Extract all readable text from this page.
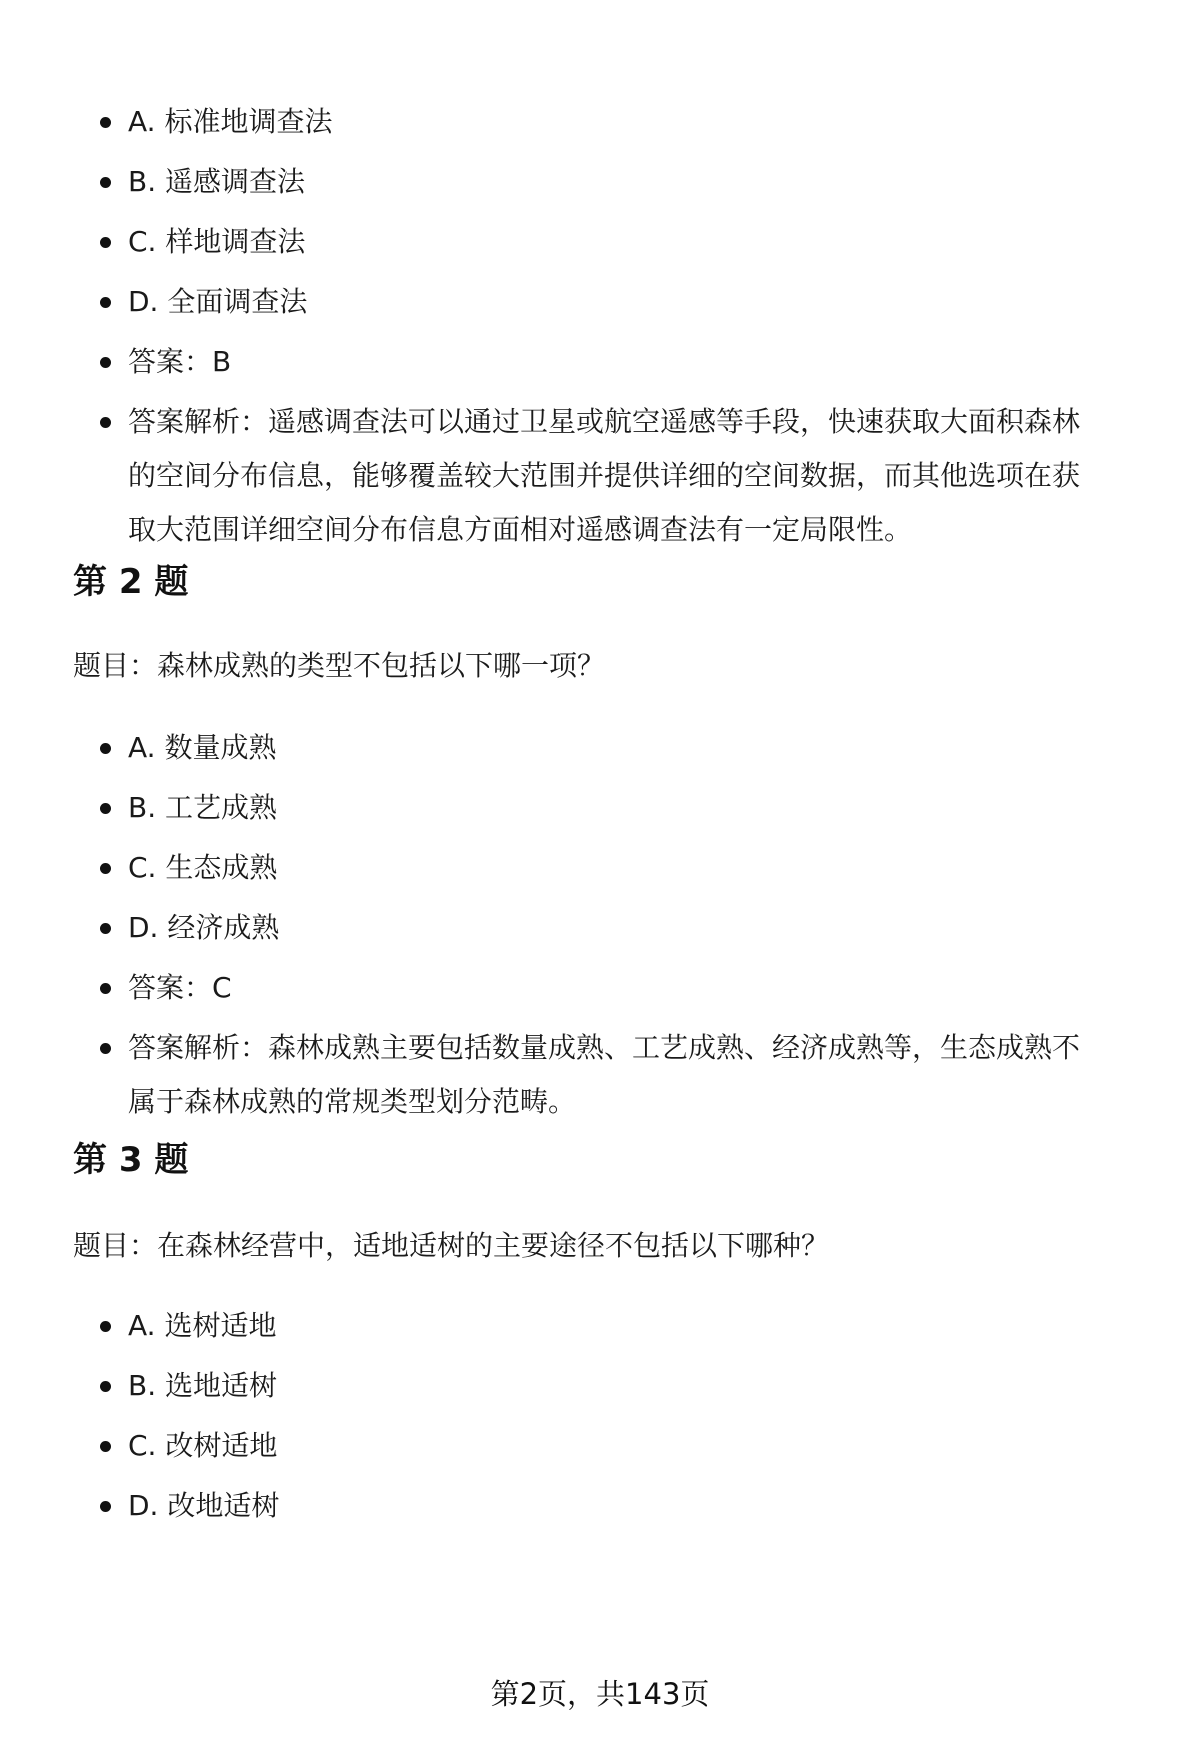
A. 标准地调查法
B. 遥感调查法
C. 样地调查法
D. 全面调查法
答案：B
答案解析：遥感调查法可以通过卫星或航空遥感等手段，快速获取大面积森林
的空间分布信息，能够覆盖较大范围并提供详细的空间数据，而其他选项在获
取大范围详细空间分布信息方面相对遥感调查法有一定局限性。
第 2 题
题目：森林成熟的类型不包括以下哪一项？
A. 数量成熟
B. 工艺成熟
C. 生态成熟
D. 经济成熟
答案：C
答案解析：森林成熟主要包括数量成熟、工艺成熟、经济成熟等，生态成熟不
属于森林成熟的常规类型划分范畴。
第 3 题
题目：在森林经营中，适地适树的主要途径不包括以下哪种？
A. 选树适地
B. 选地适树
C. 改树适地
D. 改地适树
第2页，共143页
